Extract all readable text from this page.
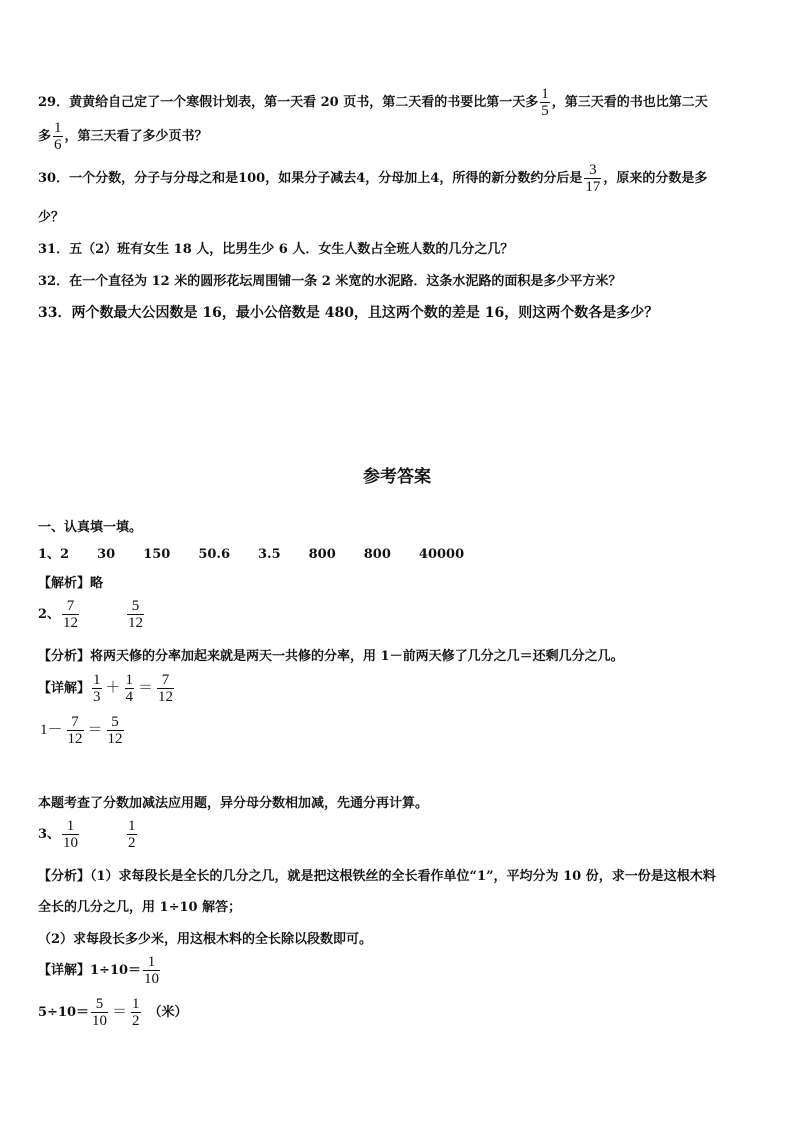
29．黄黄给自己定了一个寒假计划表，第一天看 20 页书，第二天看的书要比第一天多 $\frac{1}{5}$ ，第三天看的书也比第二天
多 $\frac{1}{6}$ ，第三天看了多少页书？
30．一个分数，分子与分母之和是100，如果分子减去4，分母加上4，所得的新分数约分后是 $\frac{3}{17}$ ，原来的分数是多
少？
31．五（2）班有女生 18 人，比男生少 6 人．女生人数占全班人数的几分之几？
32．在一个直径为 12 米的圆形花坛周围铺一条 2 米宽的水泥路．这条水泥路的面积是多少平方米？
33．两个数最大公因数是 16，最小公倍数是 480，且这两个数的差是 16，则这两个数各是多少？
参考答案
一、认真填一填。
1、2 30 150 50.6 3.5 800 800 40000
【解析】略
2、 $\frac{7}{12}$	$\frac{5}{12}$
【分析】将两天修的分率加起来就是两天一共修的分率，用 1－前两天修了几分之几＝还剩几分之几。
【详解】 $\frac{1}{3} + \frac{1}{4} = \frac{7}{12}$
$1- \frac{7}{12} = \frac{5}{12}$
本题考查了分数加减法应用题，异分母分数相加减，先通分再计算。
3、 $\frac{1}{10}$	$\frac{1}{2}$
【分析】（1）求每段长是全长的几分之几，就是把这根铁丝的全长看作单位“1”，平均分为 10 份，求一份是这根木料
全长的几分之几，用 1÷10 解答；
（2）求每段长多少米，用这根木料的全长除以段数即可。
【详解】$1\div 10= \frac{1}{10}$
$5\div 10= \frac{5}{10} = \frac{1}{2}$ （米）
